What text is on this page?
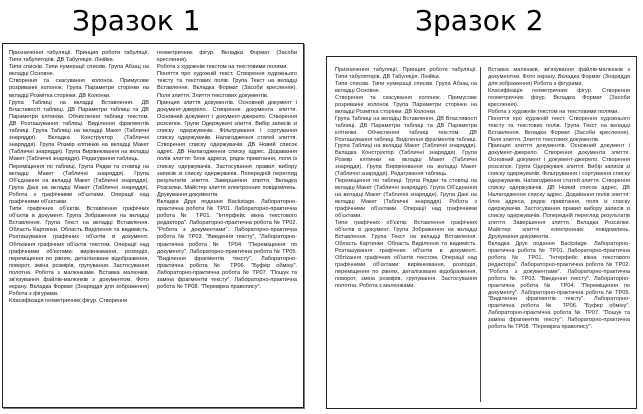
Зразок 1	Зразок 2

Призначення табуляції. Принцип роботи табуляції. Типи табуляторів. ДВ Табуляція. Лінійки.
Типи списків. Типи нумерації списків. Група Абзац на вкладці Основне.
Створення та скасування колонок. Примусове розриванні колонок. Група Параметри сторінки на вкладці Розмітка сторінки. ДВ Колонки.
Група Таблиці на вкладці Вставлення. ДВ Властивості таблиці. ДВ Параметри таблиці та ДВ Параметри клітинки. Обчислення таблиці текстом. ДВ Розташування таблиці. Виділення фрагментів таблиці. Група Таблиці на вкладці Макет (Табличні знаряддя). Вкладка Конструктор (Табличні знаряддя). Група Розмір клітинки на вкладці Макет (Табличні знаряддя). Група Вирівнювання на вкладці Макет (Табличні знаряддя). Редагування таблиць.
Переміщення по таблиці. Група Рядки та стовпці на вкладці Макет (Табличні знаряддя). Група Об'єднання на вкладці Макет (Табличні знаряддя). Група Дані на вкладці Макет (Табличні знаряддя). Робота з графічними об'єктами. Операції над графічними об'єктами.
Типи графічних об'єктів. Вставлення графічних об'єктів в документ. Група Зображення на вкладці Вставлення. Група Текст на вкладці Вставлення. Область Картинки. Область Виділення та видимість. Розташування графічних об'єктів в документі. Обтікання графічних об'єктів текстом. Операції над графічними об'єктами: вирівнювання, розподіл, переміщення по рівнях, деталізоване відображення, поворот, зміна розмірів, групування. Застосування полотна. Робота з малюнками. Вставка малюнків, зв'язування файлів-малюнків з документом. Фото екрану. Вкладка Формат (Знаряддя для зображення) Робота з фігурами.
Класифікація геометричних фігур. Створення

геометричних фігур. Вкладка Формат (Засоби креслення).
Робота з художнім текстом на текстовими полями.
Поняття про художній текст. Створення художнього тексту та текстових полів. Група Текст на вкладці Вставлення. Вкладка Формат (Засоби креслення). Поля злиття. Злиття текстових документів.
Принцип злиття документів. Основний документ і документ-джерело. Створення документа злиття. Основний документ і документ-джерело. Створення розсилок. Групи Одержувачі злиття. Вибір записів зі списку одержувачів. Фільтрування і сортування списку одержувачів. Налагодження статей злиття. Створення списку одержувачів. ДВ Новий список адрес. ДВ Налагодження списку адрес. Додавання полів злиття: блок адреси, рядок привітання, поля із списку одержувачів. Застосування правил вибору записів зі списку одержувачів. Попередній перегляд результатів злиття. Завершення злиття. Вкладка Розсилки. Майстер злиття електронних повідомлень. Друкування документів.
Вкладка Друк подання Backstage. Лабораторно-практична робота № TP01. Лабораторно-практична робота № TP01. "Інтерфейс вікна текстового редактора". Лабораторно-практична робота № TP02. "Робота з документами". Лабораторно-практична робота № TP03. "Введення тексту", "Лабораторно-практична робота № TP04. "Переміщення по документу". Лабораторно-практична робота № TP05. "Виділення фрагментів тексту". Лабораторно-практична робота № TP06. "Буфер обміну". Лабораторно-практична робота № TP07. "Пошук та заміна фрагментів тексту". Лабораторно-практична робота № TP08. "Перевірка правопису".

Призначення табуляції. Принцип роботи табуляції. Типи табуляторів. ДВ Табуляція. Лінійки.
Типи списків. Типи нумерації списків. Група Абзац на вкладці Основне.
Створення та скасування колонок. Примусове розриванні колонок. Група Параметри сторінки на вкладці Розмітка сторінки. ДВ Колонки.
Група Таблиці на вкладці Вставлення. ДВ Властивості таблиці. ДВ Параметри таблиці та ДВ Параметри клітинки. Обчислення таблиці текстом. ДВ Розташування таблиці. Виділення фрагментів таблиці. Група Таблиці на вкладці Макет (Табличні знаряддя). Вкладка Конструктор (Табличні знаряддя). Група Розмір клітинки на вкладці Макет (Табличні знаряддя). Група Вирівнювання на вкладці Макет (Табличні знаряддя). Редагування таблиць.
Переміщення по таблиці. Група Рядки та стовпці на вкладці Макет (Табличні знаряддя). Група Об'єднання на вкладці Макет (Табличні знаряддя). Група Дані на вкладці Макет (Табличні знаряддя). Робота з графічними об'єктами. Операції над графічними об'єктами.
Типи графічних об'єктів. Вставлення графічних об'єктів в документ. Група Зображення на вкладці Вставлення. Група Текст на вкладці Вставлення. Область Картинки. Область Виділення та видимість. Розташування графічних об'єктів в документі. Обтікання графічних об'єктів текстом. Операції над графічними об'єктами: вирівнювання, розподіл, переміщення по рівнях, деталізоване відображення, поворот, зміна розмірів, групування. Застосування полотна. Робота з малюнками.

Вставка малюнків, зв'язування файлів-малюнків з документом. Фото екрану. Вкладка Формат (Знаряддя для зображення) Робота з фігурами.
Класифікація геометричних фігур. Створення геометричних фігур. Вкладка Формат (Засоби креслення).
Робота з художнім текстом на текстовими полями.
Поняття про художній текст. Створення художнього тексту та текстових полів. Група Текст на вкладці Вставлення. Вкладка Формат (Засоби креслення). Поля злиття. Злиття текстових документів.
Принцип злиття документів. Основний документ і документ-джерело. Створення документа злиття. Основний документ і документ-джерело. Створення розсилок. Групи Одержувачі злиття. Вибір записів зі списку одержувачів. Фільтрування і сортування списку одержувачів. Налагодження статей злиття. Створення списку одержувачів. ДВ Новий список адрес. ДВ Налагодження списку адрес. Додавання полів злиття: блок адреси, рядок привітання, поля із списку одержувачів. Застосування правил вибору записів зі списку одержувачів. Попередній перегляд результатів злиття. Завершення злиття. Вкладка Розсилки. Майстер злиття електронних повідомлень. Друкування документів.
Вкладка Друк подання Backstage. Лабораторно-практична робота № TP01. Лабораторно-практична робота № TP01. "Інтерфейс вікна текстового редактора". Лабораторно-практична робота № TP02. "Робота з документами". Лабораторно-практична робота № TP03. "Введення тексту". Лабораторно-практична робота № TP04. "Переміщення по документу". Лабораторно-практична робота № TP05. "Виділення фрагментів тексту". Лабораторно-практична робота № TP06. "Буфер обміну". Лабораторно-практична робота № TP07. "Пошук та заміна фрагментів тексту". Лабораторно-практична робота № TP08. "Перевірка правопису".
